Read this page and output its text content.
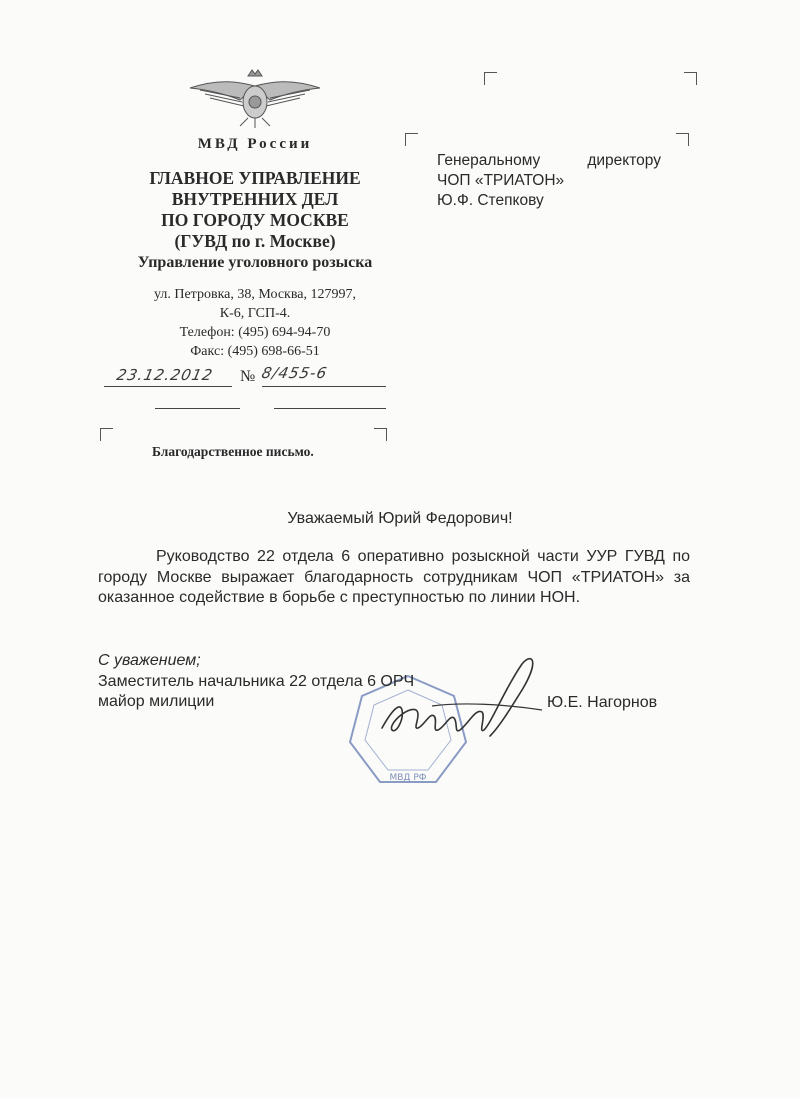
МВД России
ГЛАВНОЕ УПРАВЛЕНИЕ
ВНУТРЕННИХ ДЕЛ
ПО ГОРОДУ МОСКВЕ
(ГУВД по г. Москве)
Управление уголовного розыска
ул. Петровка, 38, Москва, 127997,
К-6, ГСП-4.
Телефон: (495) 694-94-70
Факс: (495) 698-66-51
23.12.2012 № 8/455-6
Благодарственное письмо.
Генеральному	директору
ЧОП «ТРИАТОН»
Ю.Ф. Степкову
Уважаемый Юрий Федорович!
Руководство 22 отдела 6 оперативно розыскной части УУР ГУВД по городу Москве выражает благодарность сотрудникам ЧОП «ТРИАТОН» за оказанное содействие в борьбе с преступностью по линии НОН.
МВД РФ
С уважением;
Заместитель начальника 22 отдела 6 ОРЧ
майор милиции	Ю.Е. Нагорнов
